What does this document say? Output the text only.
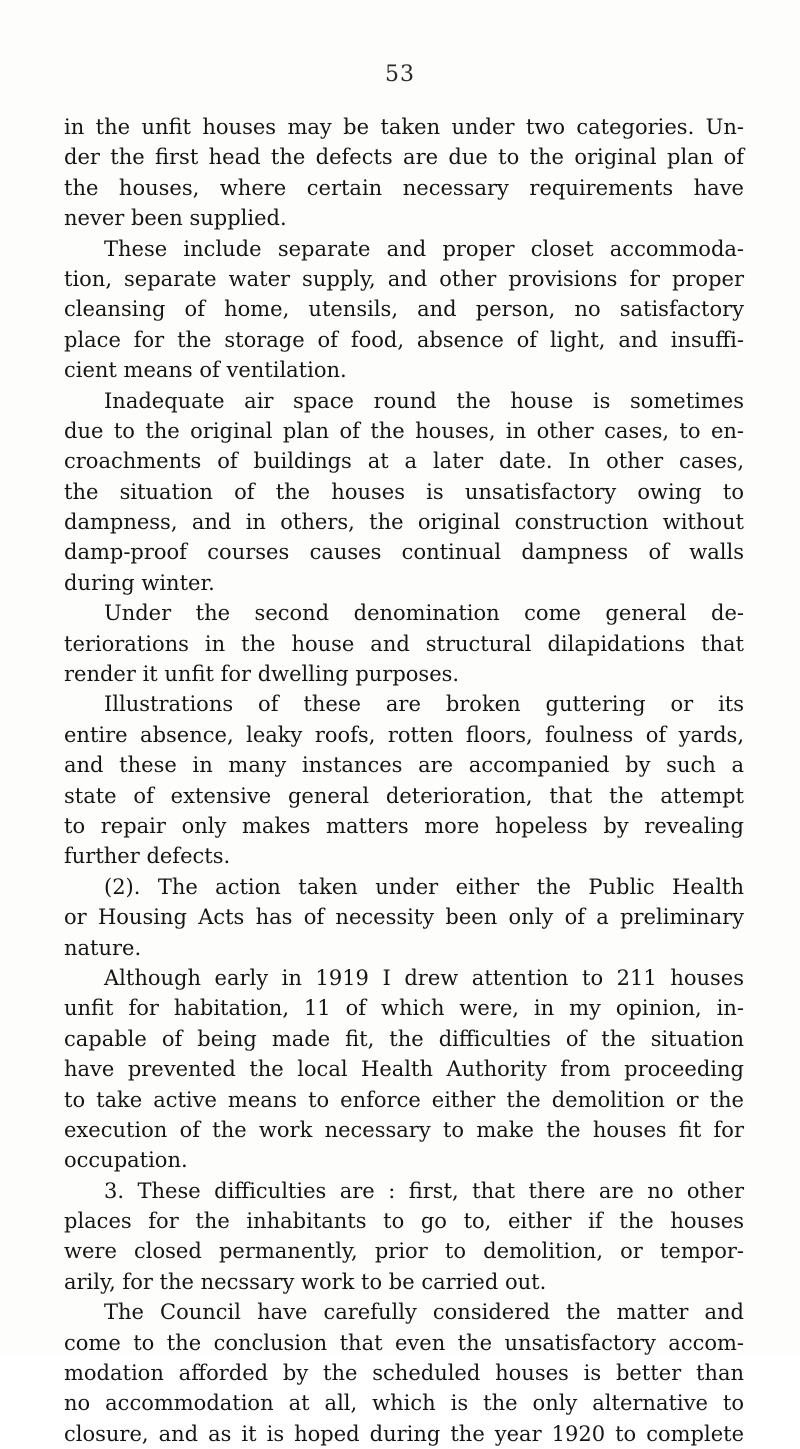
53
in the unfit houses may be taken under two categories. Un-
der the first head the defects are due to the original plan of
the houses, where certain necessary requirements have
never been supplied.
These include separate and proper closet accommoda-
tion, separate water supply, and other provisions for proper
cleansing of home, utensils, and person, no satisfactory
place for the storage of food, absence of light, and insuffi-
cient means of ventilation.
Inadequate air space round the house is sometimes
due to the original plan of the houses, in other cases, to en-
croachments of buildings at a later date. In other cases,
the situation of the houses is unsatisfactory owing to
dampness, and in others, the original construction without
damp-proof courses causes continual dampness of walls
during winter.
Under the second denomination come general de-
teriorations in the house and structural dilapidations that
render it unfit for dwelling purposes.
Illustrations of these are broken guttering or its
entire absence, leaky roofs, rotten floors, foulness of yards,
and these in many instances are accompanied by such a
state of extensive general deterioration, that the attempt
to repair only makes matters more hopeless by revealing
further defects.
(2). The action taken under either the Public Health
or Housing Acts has of necessity been only of a preliminary
nature.
Although early in 1919 I drew attention to 211 houses
unfit for habitation, 11 of which were, in my opinion, in-
capable of being made fit, the difficulties of the situation
have prevented the local Health Authority from proceeding
to take active means to enforce either the demolition or the
execution of the work necessary to make the houses fit for
occupation.
3. These difficulties are : first, that there are no other
places for the inhabitants to go to, either if the houses
were closed permanently, prior to demolition, or tempor-
arily, for the necssary work to be carried out.
The Council have carefully considered the matter and
come to the conclusion that even the unsatisfactory accom-
modation afforded by the scheduled houses is better than
no accommodation at all, which is the only alternative to
closure, and as it is hoped during the year 1920 to complete
